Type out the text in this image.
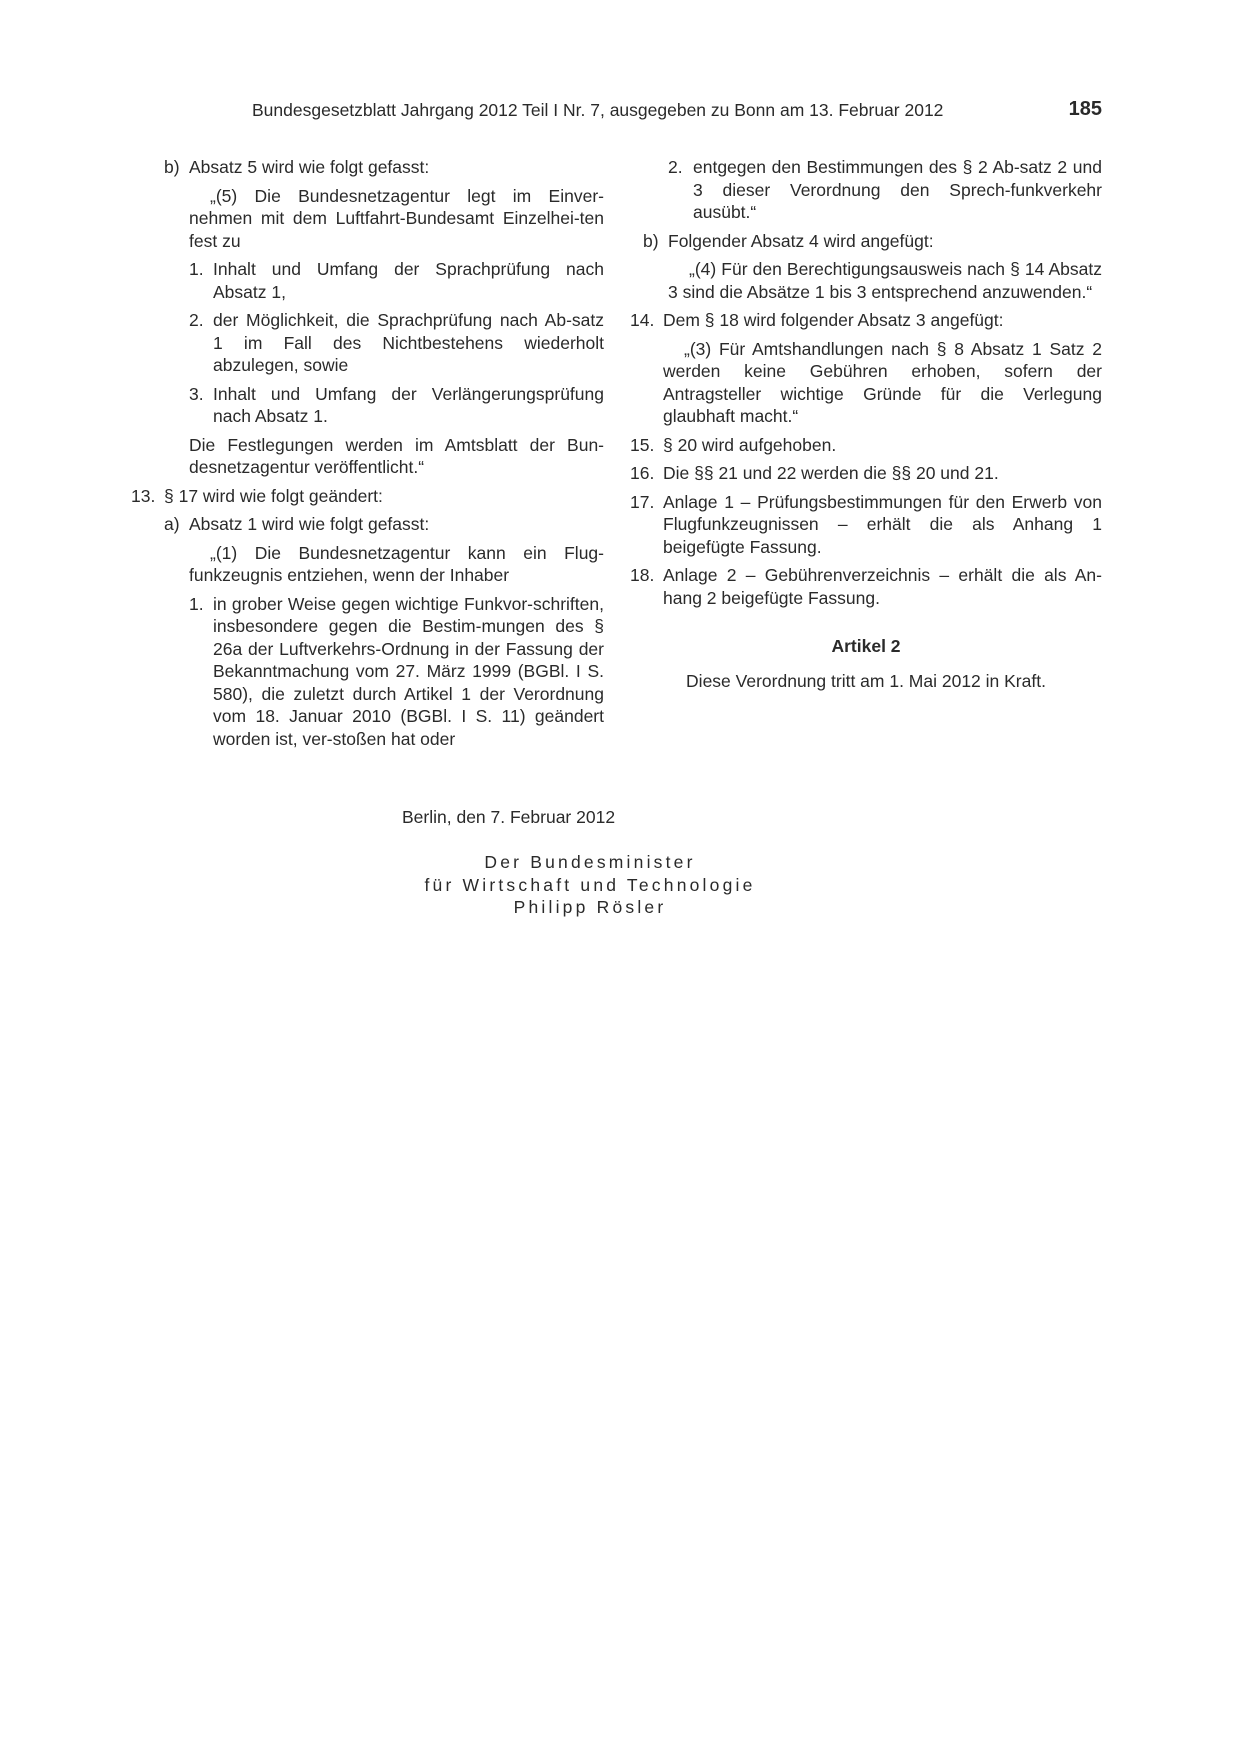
Bundesgesetzblatt Jahrgang 2012 Teil I Nr. 7, ausgegeben zu Bonn am 13. Februar 2012	185
b) Absatz 5 wird wie folgt gefasst:
„(5) Die Bundesnetzagentur legt im Einver-nehmen mit dem Luftfahrt-Bundesamt Einzelhei-ten fest zu
1. Inhalt und Umfang der Sprachprüfung nach Absatz 1,
2. der Möglichkeit, die Sprachprüfung nach Ab-satz 1 im Fall des Nichtbestehens wiederholt abzulegen, sowie
3. Inhalt und Umfang der Verlängerungsprüfung nach Absatz 1.
Die Festlegungen werden im Amtsblatt der Bun-desnetzagentur veröffentlicht.“
13. § 17 wird wie folgt geändert:
a) Absatz 1 wird wie folgt gefasst:
„(1) Die Bundesnetzagentur kann ein Flug-funkzeugnis entziehen, wenn der Inhaber
1. in grober Weise gegen wichtige Funkvor-schriften, insbesondere gegen die Bestim-mungen des § 26a der Luftverkehrs-Ordnung in der Fassung der Bekanntmachung vom 27. März 1999 (BGBl. I S. 580), die zuletzt durch Artikel 1 der Verordnung vom 18. Januar 2010 (BGBl. I S. 11) geändert worden ist, ver-stoßen hat oder
2. entgegen den Bestimmungen des § 2 Ab-satz 2 und 3 dieser Verordnung den Sprech-funkverkehr ausübt.“
b) Folgender Absatz 4 wird angefügt:
„(4) Für den Berechtigungsausweis nach § 14 Absatz 3 sind die Absätze 1 bis 3 entsprechend anzuwenden.“
14. Dem § 18 wird folgender Absatz 3 angefügt:
„(3) Für Amtshandlungen nach § 8 Absatz 1 Satz 2 werden keine Gebühren erhoben, sofern der Antragsteller wichtige Gründe für die Verlegung glaubhaft macht.“
15. § 20 wird aufgehoben.
16. Die §§ 21 und 22 werden die §§ 20 und 21.
17. Anlage 1 – Prüfungsbestimmungen für den Erwerb von Flugfunkzeugnissen – erhält die als Anhang 1 beigefügte Fassung.
18. Anlage 2 – Gebührenverzeichnis – erhält die als An-hang 2 beigefügte Fassung.
Artikel 2
Diese Verordnung tritt am 1. Mai 2012 in Kraft.
Berlin, den 7. Februar 2012
Der Bundesminister
für Wirtschaft und Technologie
Philipp Rösler
